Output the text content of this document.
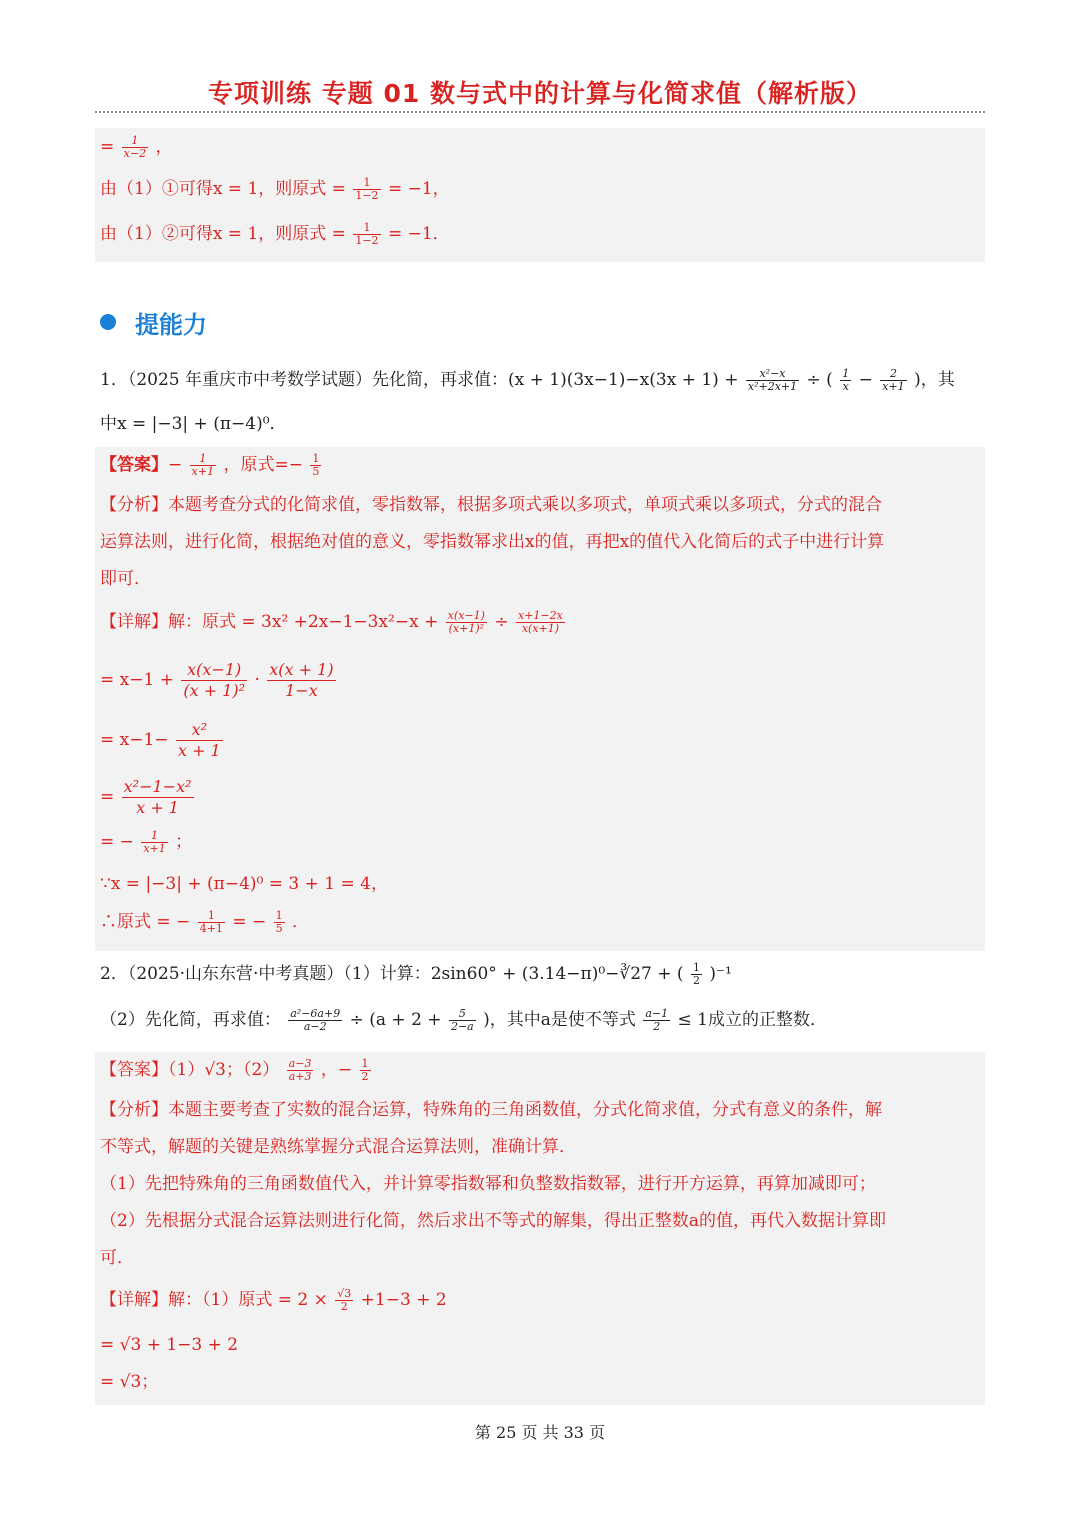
专项训练 专题 01 数与式中的计算与化简求值（解析版）
= $\frac{1}{x-2}$ ，
由（1）①可得x = 1，则原式 = $\frac{1}{1-2} = -1$，
由（1）②可得x = 1，则原式 = $\frac{1}{1-2} = -1$．
提能力
1．（2025 年重庆市中考数学试题）先化简，再求值：$(x + 1)(3x-1)-x(3x + 1) + \frac{\text{x²−x}}{\text{x²+2x+1}}$ ÷ ( $\frac{1}{x} - \frac{2}{x+1}$ )，其
中x = |−3| + (π−4)⁰．
【答案】− $\frac{1}{x+1}$ ，原式=− $\frac{1}{5}$
【分析】本题考查分式的化简求值，零指数幂，根据多项式乘以多项式，单项式乘以多项式，分式的混合
运算法则，进行化简，根据绝对值的意义，零指数幂求出x的值，再把x的值代入化简后的式子中进行计算
即可．
【详解】解：原式 = $3x^2 +2x-1-3x^2-x + \frac{x(x-1)}{\text{(x+1)²}} \div \frac{x+1-2x}{x(x+1)}$
= $x-1 + \frac{x(x-1)}{\text{(x + 1)²}} \cdot \frac{x(x + 1)}{1-x}$
= $x-1- \frac{\text{x²}}{x + 1}$
= $\frac{\text{x²−1−x²}}{x + 1}$
= − $\frac{1}{x+1}$ ；
∵x = |−3| + (π−4)⁰ = 3 + 1 = 4，
∴原式 = − $\frac{1}{4+1}$ = − $\frac{1}{5}$ ．
2．（2025·山东东营·中考真题）（1）计算：2sin60° + (3.14−π)⁰−∛27 + ( $\frac{1}{2} )^{-1}$
（2）先化简，再求值： $\frac{\text{a²−6a+9}}{a-2} \div (a + 2 + \frac{5}{2-a}$ )，其中a是使不等式 $\frac{a-1}{2} \le 1$成立的正整数．
【答案】（1）√3；$(2) \frac{a-3}{a+3}$ ，− $\frac{1}{2}$
【分析】本题主要考查了实数的混合运算，特殊角的三角函数值，分式化简求值，分式有意义的条件，解
不等式，解题的关键是熟练掌握分式混合运算法则，准确计算．
（1）先把特殊角的三角函数值代入，并计算零指数幂和负整数指数幂，进行开方运算，再算加减即可；
（2）先根据分式混合运算法则进行化简，然后求出不等式的解集，得出正整数a的值，再代入数据计算即
可．
【详解】解：（1）原式 = $2 \times \frac{√3}{2} +1-3 + 2$
= √3 + 1−3 + 2
= √3；
第 25 页 共 33 页
